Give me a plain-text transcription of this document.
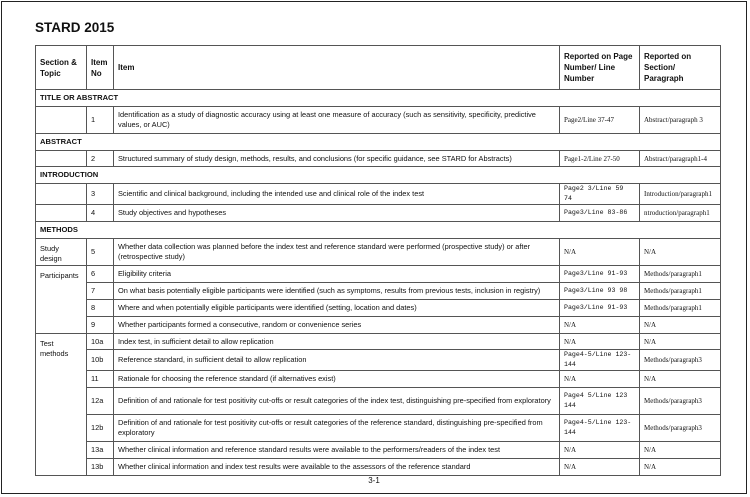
STARD 2015
Section & Topic	Item No	Item	Reported on Page Number/ Line Number	Reported on Section/ Paragraph
TITLE OR ABSTRACT				
	1	Identification as a study of diagnostic accuracy using at least one measure of accuracy (such as sensitivity, specificity, predictive values, or AUC)	Page2/Line 37-47	Abstract/paragraph 3
ABSTRACT				
	2	Structured summary of study design, methods, results, and conclusions (for specific guidance, see STARD for Abstracts)	Page1-2/Line 27-50	Abstract/paragraph1-4
INTRODUCTION				
	3	Scientific and clinical background, including the intended use and clinical role of the index test	Page2 3/Line 59 74	Introduction/paragraph1
	4	Study objectives and hypotheses	Page3/Line 83-86	ntroduction/paragraph1
METHODS				
Study design	5	Whether data collection was planned before the index test and reference standard were performed (prospective study) or after (retrospective study)	N/A	N/A
Participants	6	Eligibility criteria	Page3/Line 91-93	Methods/paragraph1
	7	On what basis potentially eligible participants were identified (such as symptoms, results from previous tests, inclusion in registry)	Page3/Line 93 98	Methods/paragraph1
	8	Where and when potentially eligible participants were identified (setting, location and dates)	Page3/Line 91-93	Methods/paragraph1
	9	Whether participants formed a consecutive, random or convenience series	N/A	N/A
Test methods	10a	Index test, in sufficient detail to allow replication	N/A	N/A
	10b	Reference standard, in sufficient detail to allow replication	Page4-5/Line 123-144	Methods/paragraph3
	11	Rationale for choosing the reference standard (if alternatives exist)	N/A	N/A
	12a	Definition of and rationale for test positivity cut-offs or result categories of the index test, distinguishing pre-specified from exploratory	Page4 5/Line 123 144	Methods/paragraph3
	12b	Definition of and rationale for test positivity cut-offs or result categories of the reference standard, distinguishing pre-specified from exploratory	Page4-5/Line 123-144	Methods/paragraph3
	13a	Whether clinical information and reference standard results were available to the performers/readers of the index test	N/A	N/A
	13b	Whether clinical information and index test results were available to the assessors of the reference standard	N/A	N/A
3-1
